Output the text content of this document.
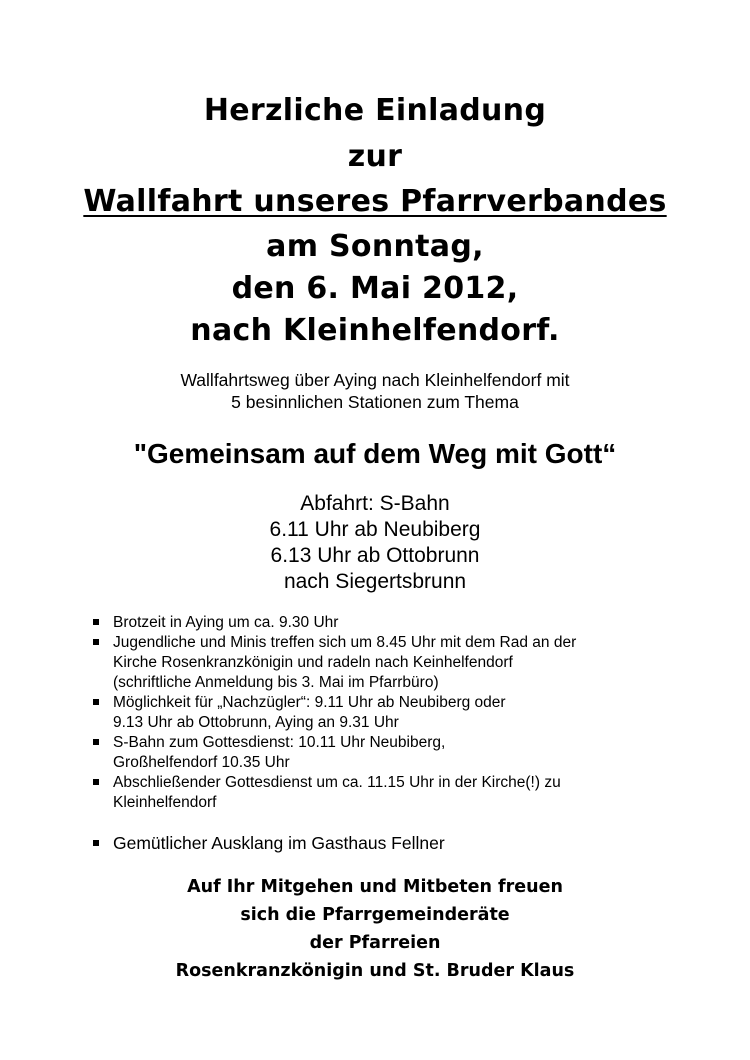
Herzliche Einladung
zur
Wallfahrt unseres Pfarrverbandes
am Sonntag,
den 6. Mai 2012,
nach Kleinhelfendorf.
Wallfahrtsweg über Aying nach Kleinhelfendorf mit
5 besinnlichen Stationen zum Thema
"Gemeinsam auf dem Weg mit Gott“
Abfahrt: S-Bahn
6.11 Uhr ab Neubiberg
6.13 Uhr ab Ottobrunn
nach Siegertsbrunn
Brotzeit in Aying um ca. 9.30 Uhr
Jugendliche und Minis treffen sich um 8.45 Uhr mit dem Rad an der
Kirche Rosenkranzkönigin und radeln nach Keinhelfendorf
(schriftliche Anmeldung bis 3. Mai im Pfarrbüro)
Möglichkeit für „Nachzügler“: 9.11 Uhr ab Neubiberg oder
9.13 Uhr ab Ottobrunn, Aying an 9.31 Uhr
S-Bahn zum Gottesdienst: 10.11 Uhr Neubiberg,
Großhelfendorf 10.35 Uhr
Abschließender Gottesdienst um ca. 11.15 Uhr in der Kirche(!) zu
Kleinhelfendorf
Gemütlicher Ausklang im Gasthaus Fellner
Auf Ihr Mitgehen und Mitbeten freuen
sich die Pfarrgemeinderäte
der Pfarreien
Rosenkranzkönigin und St. Bruder Klaus
